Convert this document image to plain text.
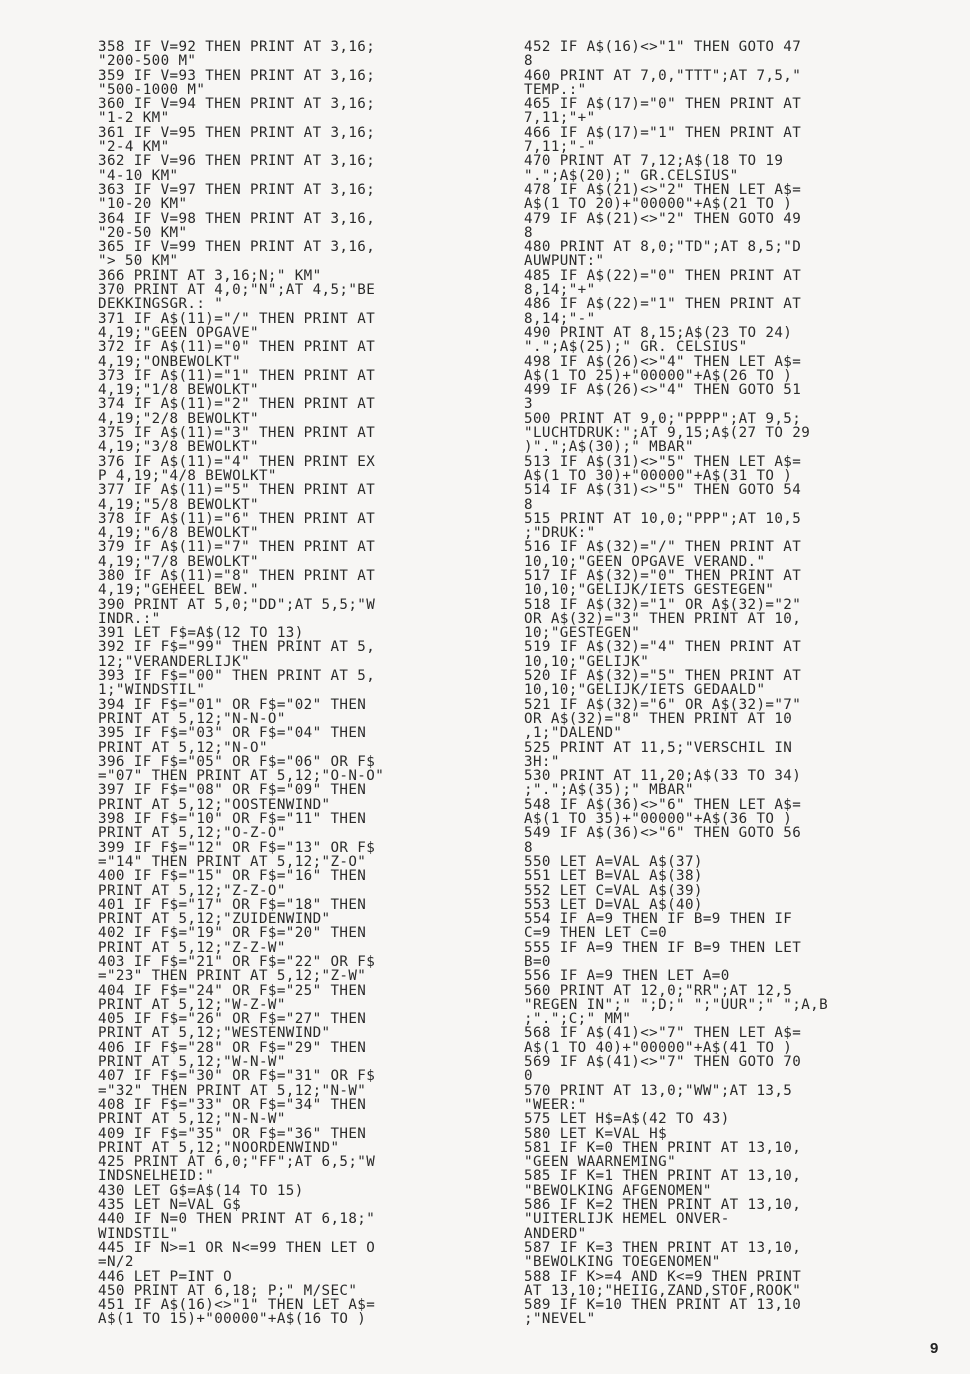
358 IF V=92 THEN PRINT AT 3,16;
"200-500 M"
359 IF V=93 THEN PRINT AT 3,16;
"500-1000 M"
360 IF V=94 THEN PRINT AT 3,16;
"1-2 KM"
361 IF V=95 THEN PRINT AT 3,16;
"2-4 KM"
362 IF V=96 THEN PRINT AT 3,16;
"4-10 KM"
363 IF V=97 THEN PRINT AT 3,16;
"10-20 KM"
364 IF V=98 THEN PRINT AT 3,16,
"20-50 KM"
365 IF V=99 THEN PRINT AT 3,16,
"> 50 KM"
366 PRINT AT 3,16;N;" KM"
370 PRINT AT 4,0;"N";AT 4,5;"BE
DEKKINGSGR.: "
371 IF A$(11)="/" THEN PRINT AT
4,19;"GEEN OPGAVE"
372 IF A$(11)="0" THEN PRINT AT
4,19;"ONBEWOLKT"
373 IF A$(11)="1" THEN PRINT AT
4,19;"1/8 BEWOLKT"
374 IF A$(11)="2" THEN PRINT AT
4,19;"2/8 BEWOLKT"
375 IF A$(11)="3" THEN PRINT AT
4,19;"3/8 BEWOLKT"
376 IF A$(11)="4" THEN PRINT EX
P 4,19;"4/8 BEWOLKT"
377 IF A$(11)="5" THEN PRINT AT
4,19;"5/8 BEWOLKT"
378 IF A$(11)="6" THEN PRINT AT
4,19;"6/8 BEWOLKT"
379 IF A$(11)="7" THEN PRINT AT
4,19;"7/8 BEWOLKT"
380 IF A$(11)="8" THEN PRINT AT
4,19;"GEHEEL BEW."
390 PRINT AT 5,0;"DD";AT 5,5;"W
INDR.:"
391 LET F$=A$(12 TO 13)
392 IF F$="99" THEN PRINT AT 5,
12;"VERANDERLIJK"
393 IF F$="00" THEN PRINT AT 5,
1;"WINDSTIL"
394 IF F$="01" OR F$="02" THEN
PRINT AT 5,12;"N-N-O"
395 IF F$="03" OR F$="04" THEN
PRINT AT 5,12;"N-O"
396 IF F$="05" OR F$="06" OR F$
="07" THEN PRINT AT 5,12;"O-N-O"
397 IF F$="08" OR F$="09" THEN
PRINT AT 5,12;"OOSTENWIND"
398 IF F$="10" OR F$="11" THEN
PRINT AT 5,12;"O-Z-O"
399 IF F$="12" OR F$="13" OR F$
="14" THEN PRINT AT 5,12;"Z-O"
400 IF F$="15" OR F$="16" THEN
PRINT AT 5,12;"Z-Z-O"
401 IF F$="17" OR F$="18" THEN
PRINT AT 5,12;"ZUIDENWIND"
402 IF F$="19" OR F$="20" THEN
PRINT AT 5,12;"Z-Z-W"
403 IF F$="21" OR F$="22" OR F$
="23" THEN PRINT AT 5,12;"Z-W"
404 IF F$="24" OR F$="25" THEN
PRINT AT 5,12;"W-Z-W"
405 IF F$="26" OR F$="27" THEN
PRINT AT 5,12;"WESTENWIND"
406 IF F$="28" OR F$="29" THEN
PRINT AT 5,12;"W-N-W"
407 IF F$="30" OR F$="31" OR F$
="32" THEN PRINT AT 5,12;"N-W"
408 IF F$="33" OR F$="34" THEN
PRINT AT 5,12;"N-N-W"
409 IF F$="35" OR F$="36" THEN
PRINT AT 5,12;"NOORDENWIND"
425 PRINT AT 6,0;"FF";AT 6,5;"W
INDSNELHEID:"
430 LET G$=A$(14 TO 15)
435 LET N=VAL G$
440 IF N=0 THEN PRINT AT 6,18;"
WINDSTIL"
445 IF N>=1 OR N<=99 THEN LET O
=N/2
446 LET P=INT O
450 PRINT AT 6,18; P;" M/SEC"
451 IF A$(16)<>"1" THEN LET A$=
A$(1 TO 15)+"00000"+A$(16 TO )
452 IF A$(16)<>"1" THEN GOTO 47
8
460 PRINT AT 7,0,"TTT";AT 7,5,"
TEMP.:"
465 IF A$(17)="0" THEN PRINT AT
7,11;"+"
466 IF A$(17)="1" THEN PRINT AT
7,11;"-"
470 PRINT AT 7,12;A$(18 TO 19
".";A$(20);" GR.CELSIUS"
478 IF A$(21)<>"2" THEN LET A$=
A$(1 TO 20)+"00000"+A$(21 TO )
479 IF A$(21)<>"2" THEN GOTO 49
8
480 PRINT AT 8,0;"TD";AT 8,5;"D
AUWPUNT:"
485 IF A$(22)="0" THEN PRINT AT
8,14;"+"
486 IF A$(22)="1" THEN PRINT AT
8,14;"-"
490 PRINT AT 8,15;A$(23 TO 24)
".";A$(25);" GR. CELSIUS"
498 IF A$(26)<>"4" THEN LET A$=
A$(1 TO 25)+"00000"+A$(26 TO )
499 IF A$(26)<>"4" THEN GOTO 51
3
500 PRINT AT 9,0;"PPPP";AT 9,5;
"LUCHTDRUK:";AT 9,15;A$(27 TO 29
)".";A$(30);" MBAR"
513 IF A$(31)<>"5" THEN LET A$=
A$(1 TO 30)+"00000"+A$(31 TO )
514 IF A$(31)<>"5" THEN GOTO 54
8
515 PRINT AT 10,0;"PPP";AT 10,5
;"DRUK:"
516 IF A$(32)="/" THEN PRINT AT
10,10;"GEEN OPGAVE VERAND."
517 IF A$(32)="0" THEN PRINT AT
10,10;"GELIJK/IETS GESTEGEN"
518 IF A$(32)="1" OR A$(32)="2"
OR A$(32)="3" THEN PRINT AT 10,
10;"GESTEGEN"
519 IF A$(32)="4" THEN PRINT AT
10,10;"GELIJK"
520 IF A$(32)="5" THEN PRINT AT
10,10;"GELIJK/IETS GEDAALD"
521 IF A$(32)="6" OR A$(32)="7"
OR A$(32)="8" THEN PRINT AT 10
,1;"DALEND"
525 PRINT AT 11,5;"VERSCHIL IN
3H:"
530 PRINT AT 11,20;A$(33 TO 34)
;".";A$(35);" MBAR"
548 IF A$(36)<>"6" THEN LET A$=
A$(1 TO 35)+"00000"+A$(36 TO )
549 IF A$(36)<>"6" THEN GOTO 56
8
550 LET A=VAL A$(37)
551 LET B=VAL A$(38)
552 LET C=VAL A$(39)
553 LET D=VAL A$(40)
554 IF A=9 THEN IF B=9 THEN IF
C=9 THEN LET C=0
555 IF A=9 THEN IF B=9 THEN LET
B=0
556 IF A=9 THEN LET A=0
560 PRINT AT 12,0;"RR";AT 12,5
"REGEN IN";" ";D;" ";"UUR";" ";A,B
;".";C;" MM"
568 IF A$(41)<>"7" THEN LET A$=
A$(1 TO 40)+"00000"+A$(41 TO )
569 IF A$(41)<>"7" THEN GOTO 70
0
570 PRINT AT 13,0;"WW";AT 13,5
"WEER:"
575 LET H$=A$(42 TO 43)
580 LET K=VAL H$
581 IF K=0 THEN PRINT AT 13,10,
"GEEN WAARNEMING"
585 IF K=1 THEN PRINT AT 13,10,
"BEWOLKING AFGENOMEN"
586 IF K=2 THEN PRINT AT 13,10,
"UITERLIJK HEMEL ONVER-
ANDERD"
587 IF K=3 THEN PRINT AT 13,10,
"BEWOLKING TOEGENOMEN"
588 IF K>=4 AND K<=9 THEN PRINT
AT 13,10;"HEIIG,ZAND,STOF,ROOK"
589 IF K=10 THEN PRINT AT 13,10
;"NEVEL"
9
